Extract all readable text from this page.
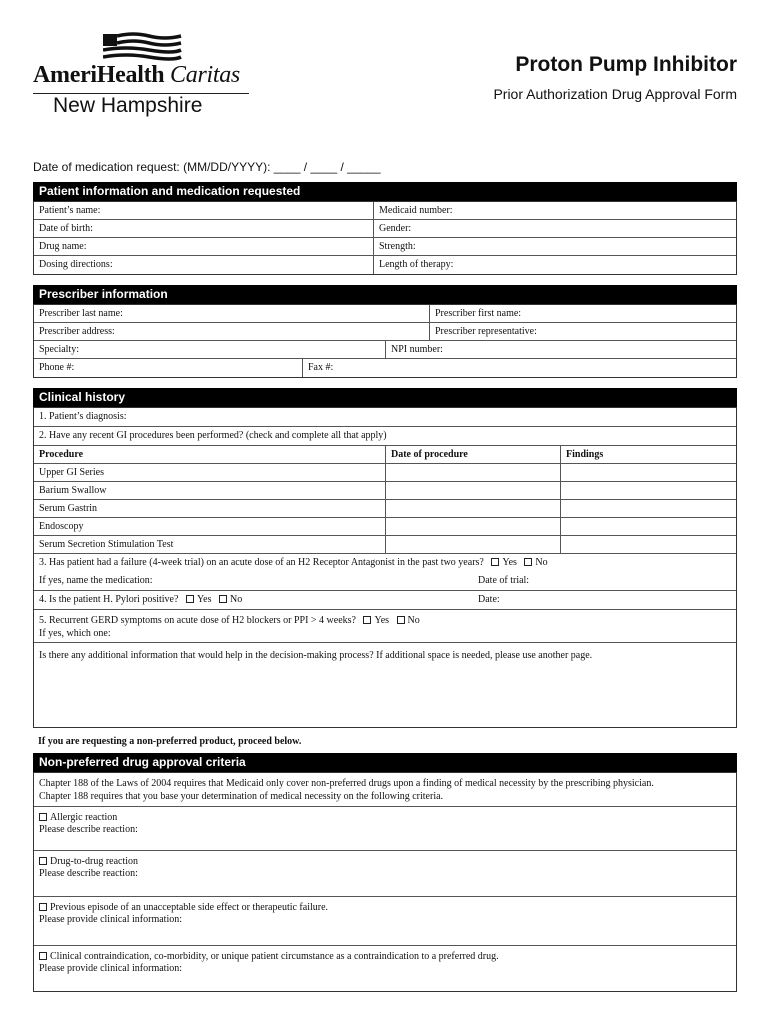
AmeriHealth Caritas
New Hampshire
Proton Pump Inhibitor
Prior Authorization Drug Approval Form
Date of medication request: (MM/DD/YYYY): ____ / ____ / _____
Patient information and medication requested
Patient’s name:	Medicaid number:
Date of birth:	Gender:
Drug name:	Strength:
Dosing directions:	Length of therapy:
Prescriber information
Prescriber last name:	Prescriber first name:
Prescriber address:	Prescriber representative:
Specialty:	NPI number:
Phone #:	Fax #:
Clinical history
1. Patient’s diagnosis:
2. Have any recent GI procedures been performed? (check and complete all that apply)
Procedure	Date of procedure	Findings
Upper GI Series
Barium Swallow
Serum Gastrin
Endoscopy
Serum Secretion Stimulation Test
3. Has patient had a failure (4-week trial) on an acute dose of an H2 Receptor Antagonist in the past two years? Yes No
If yes, name the medication:	Date of trial:
4. Is the patient H. Pylori positive? Yes No	Date:
5. Recurrent GERD symptoms on acute dose of H2 blockers or PPI > 4 weeks? Yes No
If yes, which one:
Is there any additional information that would help in the decision-making process? If additional space is needed, please use another page.
If you are requesting a non-preferred product, proceed below.
Non-preferred drug approval criteria
Chapter 188 of the Laws of 2004 requires that Medicaid only cover non-preferred drugs upon a finding of medical necessity by the prescribing physician.
Chapter 188 requires that you base your determination of medical necessity on the following criteria.
Allergic reaction
Please describe reaction:
Drug-to-drug reaction
Please describe reaction:
Previous episode of an unacceptable side effect or therapeutic failure.
Please provide clinical information:
Clinical contraindication, co-morbidity, or unique patient circumstance as a contraindication to a preferred drug.
Please provide clinical information:
